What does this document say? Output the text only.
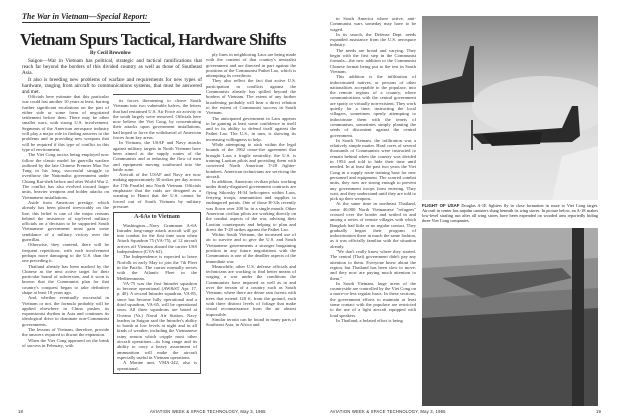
The War in Vietnam—Special Report:
Vietnam Spurs Tactical, Hardware Shifts
By Cecil Brownlow

Saigon—War in Vietnam has political, strategic and tactical ramifications that reach far beyond the borders of this divided country as well as those of Southeast Asia.

It also is breeding new problems of warfare and requirements for new types of hardware, ranging from aircraft to communications systems, that must be answered and met.

Officials here estimate that this particular war could last another 10 years at least, barring further significant escalations on the part of either side or some form of negotiated settlement before then. There may be other smaller wars, with strong U.S. involvement. Segments of the American aerospace industry will play a major role in finding answers to the problems and in providing new weapons that will be required if this type of conflict in this type of environment.

The Viet Cong tactics being employed now follow the classic model for guerrilla warfare outlined by the late Chinese Premier Mao Tse Tung in his long, successful struggle to overthrow the Nationalist government under Chiang Kai-shek before and after World War 2. The conflict has also evolved toward larger units, heavier weapons and bolder attacks on Vietnamese installations.

Aside from American prestige, which already has been placed irrevocably on the line, this belief is one of the major reasons behind the insistence of top-level military officials on a decision to be supported South Vietnamese government must gain some semblance of a military victory over the guerrillas.

Otherwise, they contend, there will be frequent repetitions, with each involvement perhaps more damaging to the U.S. than the one preceding it.

Thailand already has been marked by the Chinese as the next active target for their particular brand of subversion, and it soon is known that the Communist plan for that country's conquest began to take definitive shape at least 18 years ago.

And, whether eventually successful in Vietnam or not, the formula probably will be applied elsewhere in China pushes its expansionist rhythm in Asia and continues its ideological drive to dominate non-Communist governments.

The lessons of Vietnam, therefore, provide the answers required to thwart the expansion.

When the Viet Cong appeared on the brink of success in February, with

its forces threatening to cleave South Vietnam into two vulnerable halves, the letters that had restrained U.S. Air Force air activity in the south largely were removed. Officials here now believe the Viet Cong, by concentrating their attacks upon government installations, had hoped to force the withdrawal of American forces from key areas.

In Vietnam, the USAF and Navy attacks against military targets in North Vietnam have been aimed at the supply routes of the Communists and at reducing the flow of men and equipment moving southward into the battle zone.

Aircraft of the USAF and Navy are now making approximately 30 strikes per day across the 17th Parallel into North Vietnam. Officials emphasize that the raids are designed as a warning to Hanoi that the U.S. cannot be forced out of South Vietnam by military pressure.

A-6As to Vietnam

Washington—Navy Grumman A-6A Intruder long-range attack aircraft will go into combat for the first time soon when Attack Squadron 75 (VA-75), of 12 aircraft arrives off Vietnam aboard the carrier USS Independence (CVA-62).

The Independence is expected to leave Norfolk in early May to join the 7th Fleet in the Pacific. The carrier normally serves with the Atlantic Fleet in the Mediterranean.

VA-75 was the first Intruder squadron to become operational (AW&ST Apr. 17, p. 40). A second Intruder squadron, VA-85, since has become fully operational and a third squadron, VA-65, will be operational soon. All three squadrons are based at Oceana (Va.) Naval Air Station. Navy leaders in Saigon said the Intruder's ability to bomb at low levels at night and in all kinds of weather, including the Vietnamese rainy season which cripple most other aircraft operations—its long range and its ability to carry a heavy assortment of ammunition will make the aircraft especially useful in Vietnam operations.

A Marine unit, VMA-242, also is operational.

ply lines in neighboring Laos are being made with the consent of that country's neutralist government and are directed in part against the positions of the Communist Pathet Lao, which is attempting its overthrow.

They also reflect the fact that active U.S. participation in conflicts against the Communists already has spilled beyond the borders of Vietnam. The extent of any further broadening probably will bear a direct relation to the extent of Communist success in South Vietnam.

The anticipated government in Laos appears to be gaining at least some confidence in itself and in its ability to defend itself against the Pathet Lao. The U.S., in turn, is showing its increasing willingness to help.

While attempting to stick within the legal bounds of the 1962 cease-fire agreement that brought Laos a fragile neutrality, the U.S. is training Laotian pilots and providing them with converted North American T-28 fighter-bombers. American technicians are servicing the aircraft.

In addition, American civilian pilots working under thinly-disguised government contracts are flying Sikorsky H-34 helicopters within Laos, ferrying troops, ammunition and supplies to endangered points. One of those H-34s recently was flown over 200 hr. in a single month. Other American civilian pilots are working directly on the combat aspects of the war, advising their Laotian counterparts and helping to plan and direct the T-28 strikes against the Pathet Lao.

Within South Vietnam, the increased use of air to survive and to give the U.S. and South Vietnamese governments a stronger bargaining position in any future negotiations with the Communists is one of the deadlier aspects of the immediate war.

Meanwhile, other U.S. defense officials and technicians are working to find better means of waging a war under the conditions the Communists have imposed as well as in and over the terrain of a country such as South Vietnam, where there are dense rain forests with trees that extend 120 ft. from the ground, each with three distinct levels of foliage that make visual reconnaissance from the air almost impossible.

Similar terrain can be found in many parts of Southeast Asia, in Africa and

in South America where active, anti-Communist wars someday may have to be waged.

In its search, the Defense Dept. needs expanded assistance from the U.S. aerospace industry.

The needs are broad and varying. They begin with the first step in the Communist formula—the new addition to the Communist Chinese format being put to the test in South Vietnam.

This addition is the infiltration of indoctrinated natives, or persons of other nationalities acceptable to the populace, into the remote regions of a country, where communications with the central government are spotty or virtually non-existent. They work quietly for a time, instructing the local villagers, sometimes openly attempting to indoctrinate them with the tenets of communism, sometimes simply planting the seeds of discontent against the central government.

In South Vietnam, the infiltration was a relatively simple matter. Hard cores of several thousands of Communists were instructed to remain behind when the country was divided in 1954 and told to hide their time until needed. In at least the past two years the Viet Cong in a supply route training base for new personnel and equipment. The scarred combat units, they now are strong enough to prevent any government troops from entering. They wait, and they understand until they are told to pick up their weapons.

At the same time in northeast Thailand, some 40,000 North Vietnamese "refugees" crossed over the border and settled in and among a series of remote villages with which Bangkok had little or no regular contact. They gradually began their program of indoctrination there in much the same fashion, as it was officially familiar with the situation already.

"We don't really know where they started. The central (Thai) government didn't pay any attention to them. Everyone knew about the region, but Thailand has been slow to move, and they now are paying much attention to them."

In South Vietnam, large areas of the countryside are controlled by the Viet Cong on a more-or-less regular basis. In these sections, the government efforts to maintain at least some contact with the populace are restricted to the use of a light aircraft equipped with loud speakers.

In Thailand, a belated effort is being

FLIGHT OF USAF Douglas A-1E fighters fly in close formation in route to Viet Cong target. Aircraft in center has napalm canisters slung beneath its wing stores. In picture below, an A-1E makes low-level strafing run after all wing stores have been expended on wooded area reportedly hiding three Viet Cong companies.
18	AVIATION WEEK & SPACE TECHNOLOGY, May 3, 1965	AVIATION WEEK & SPACE TECHNOLOGY, May 3, 1965	19
